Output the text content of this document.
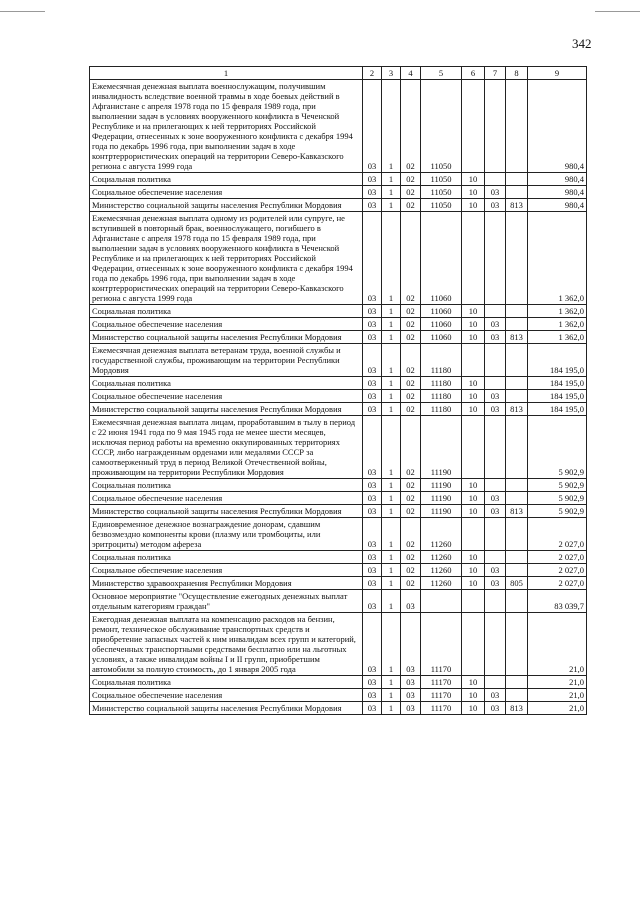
342
1	2	3	4	5	6	7	8	9
Ежемесячная денежная выплата военнослужащим, получившим инвалидность вследствие военной травмы в ходе боевых действий в Афганистане с апреля 1978 года по 15 февраля 1989 года, при выполнении задач в условиях вооруженного конфликта в Чеченской Республике и на прилегающих к ней территориях Российской Федерации, отнесенных к зоне вооруженного конфликта с декабря 1994 года по декабрь 1996 года, при выполнении задач в ходе контртеррористических операций на территории Северо-Кавказского региона с августа 1999 года	03	1	02	11050				980,4
Социальная политика	03	1	02	11050	10			980,4
Социальное обеспечение населения	03	1	02	11050	10	03		980,4
Министерство социальной защиты населения Республики Мордовия	03	1	02	11050	10	03	813	980,4
Ежемесячная денежная выплата одному из родителей или супруге, не вступившей в повторный брак, военнослужащего, погибшего в Афганистане с апреля 1978 года по 15 февраля 1989 года, при выполнении задач в условиях вооруженного конфликта в Чеченской Республике и на прилегающих к ней территориях Российской Федерации, отнесенных к зоне вооруженного конфликта с декабря 1994 года по декабрь 1996 года, при выполнении задач в ходе контртеррористических операций на территории Северо-Кавказского региона с августа 1999 года	03	1	02	11060				1 362,0
Социальная политика	03	1	02	11060	10			1 362,0
Социальное обеспечение населения	03	1	02	11060	10	03		1 362,0
Министерство социальной защиты населения Республики Мордовия	03	1	02	11060	10	03	813	1 362,0
Ежемесячная денежная выплата ветеранам труда, военной службы и государственной службы, проживающим на территории Республики Мордовия	03	1	02	11180				184 195,0
Социальная политика	03	1	02	11180	10			184 195,0
Социальное обеспечение населения	03	1	02	11180	10	03		184 195,0
Министерство социальной защиты населения Республики Мордовия	03	1	02	11180	10	03	813	184 195,0
Ежемесячная денежная выплата лицам, проработавшим в тылу в период с 22 июня 1941 года по 9 мая 1945 года не менее шести месяцев, исключая период работы на временно оккупированных территориях СССР, либо награжденным орденами или медалями СССР за самоотверженный труд в период Великой Отечественной войны, проживающим на территории Республики Мордовия	03	1	02	11190				5 902,9
Социальная политика	03	1	02	11190	10			5 902,9
Социальное обеспечение населения	03	1	02	11190	10	03		5 902,9
Министерство социальной защиты населения Республики Мордовия	03	1	02	11190	10	03	813	5 902,9
Единовременное денежное вознаграждение донорам, сдавшим безвозмездно компоненты крови (плазму или тромбоциты, или эритроциты) методом афереза	03	1	02	11260				2 027,0
Социальная политика	03	1	02	11260	10			2 027,0
Социальное обеспечение населения	03	1	02	11260	10	03		2 027,0
Министерство здравоохранения Республики Мордовия	03	1	02	11260	10	03	805	2 027,0
Основное мероприятие "Осуществление ежегодных денежных выплат отдельным категориям граждан"	03	1	03					83 039,7
Ежегодная денежная выплата на компенсацию расходов на бензин, ремонт, техническое обслуживание транспортных средств и приобретение запасных частей к ним инвалидам всех групп и категорий, обеспеченных транспортными средствами бесплатно или на льготных условиях, а также инвалидам войны I и II групп, приобретшим автомобили за полную стоимость, до 1 января 2005 года	03	1	03	11170				21,0
Социальная политика	03	1	03	11170	10			21,0
Социальное обеспечение населения	03	1	03	11170	10	03		21,0
Министерство социальной защиты населения Республики Мордовия	03	1	03	11170	10	03	813	21,0
